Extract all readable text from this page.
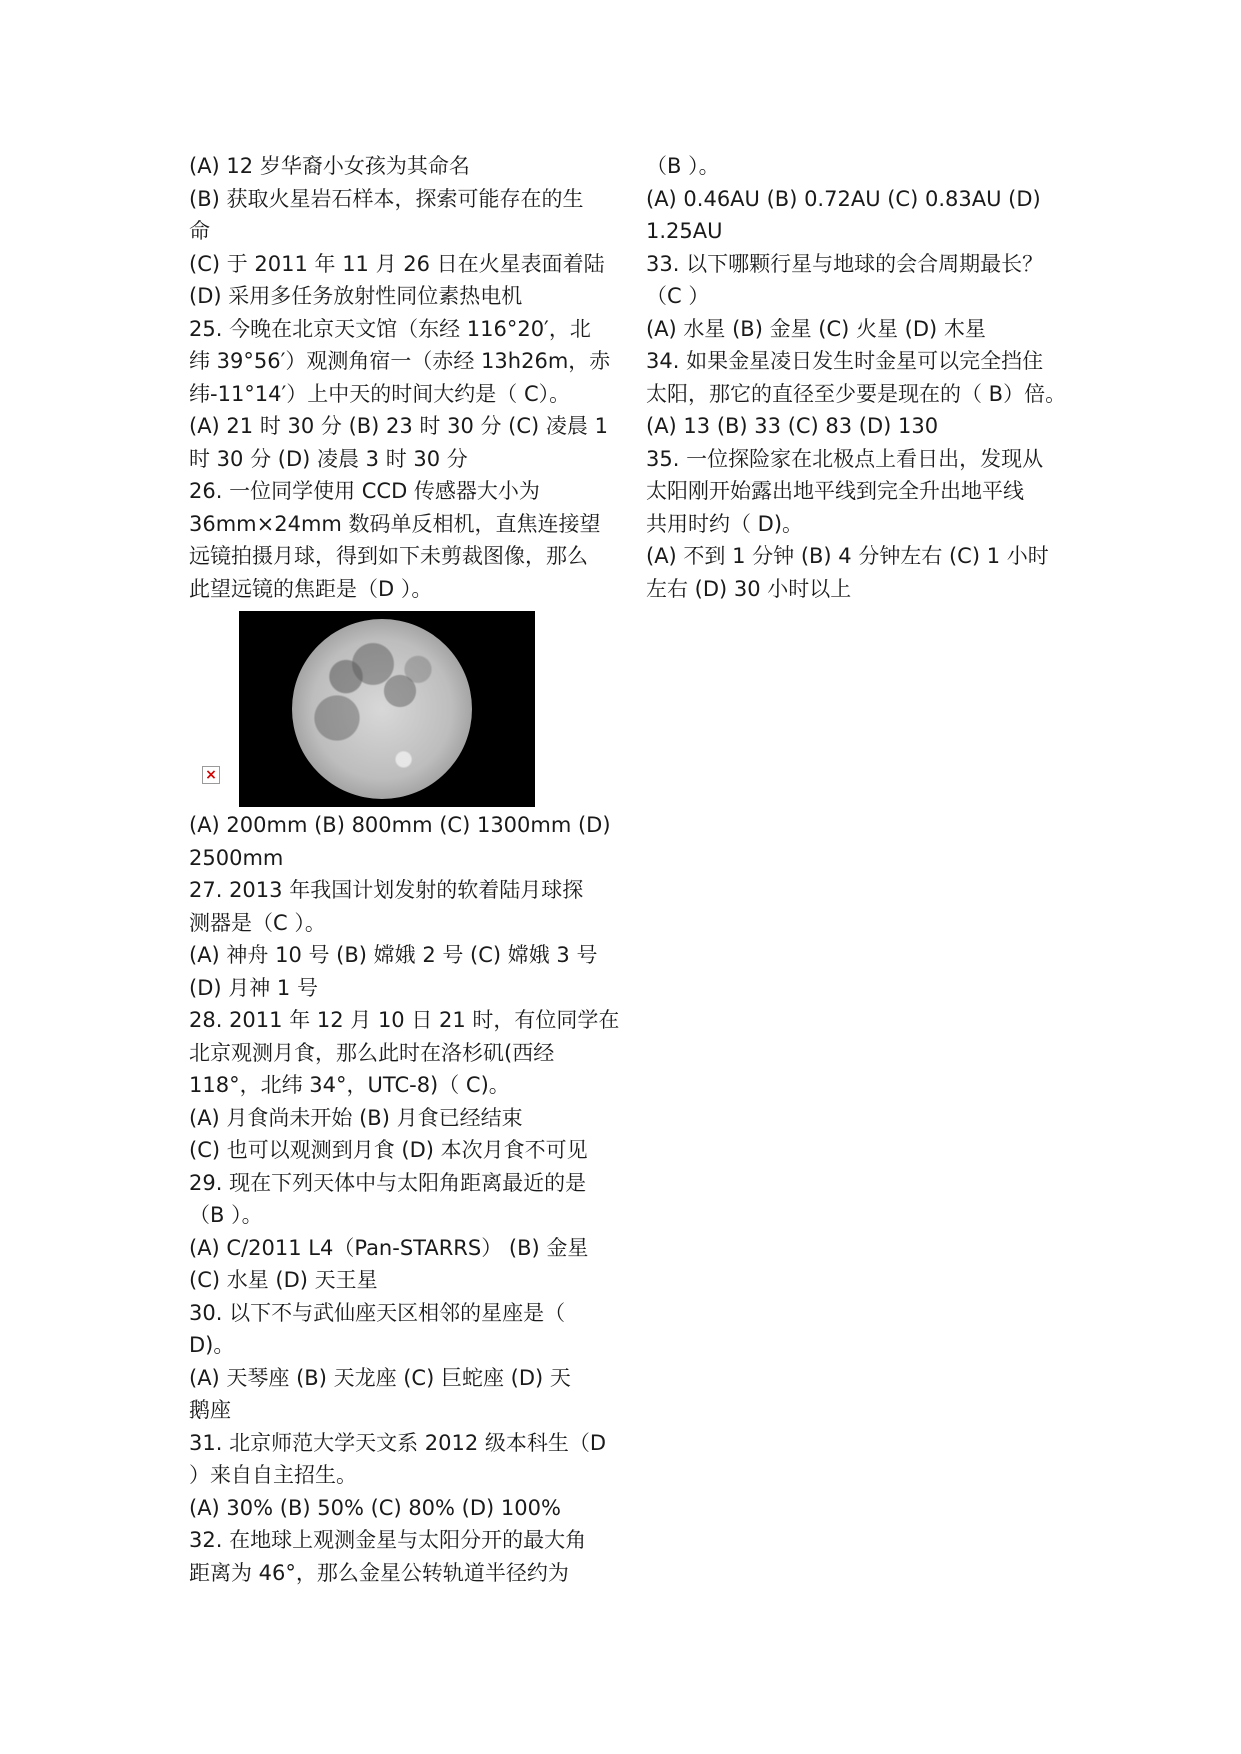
(A) 12 岁华裔小女孩为其命名
(B) 获取火星岩石样本，探索可能存在的生
命
(C) 于 2011 年 11 月 26 日在火星表面着陆
(D) 采用多任务放射性同位素热电机
25. 今晚在北京天文馆（东经 116°20′，北
纬 39°56′）观测角宿一（赤经 13h26m，赤
纬-11°14′）上中天的时间大约是（ C）。
(A) 21 时 30 分 (B) 23 时 30 分 (C) 凌晨 1
时 30 分 (D) 凌晨 3 时 30 分
26. 一位同学使用 CCD 传感器大小为
36mm×24mm 数码单反相机，直焦连接望
远镜拍摄月球，得到如下未剪裁图像，那么
此望远镜的焦距是（D ）。
×
(A) 200mm (B) 800mm (C) 1300mm (D)
2500mm
27. 2013 年我国计划发射的软着陆月球探
测器是（C ）。
(A) 神舟 10 号 (B) 嫦娥 2 号 (C) 嫦娥 3 号
(D) 月神 1 号
28. 2011 年 12 月 10 日 21 时，有位同学在
北京观测月食，那么此时在洛杉矶(西经
118°，北纬 34°，UTC-8)（ C)。
(A) 月食尚未开始 (B) 月食已经结束
(C) 也可以观测到月食 (D) 本次月食不可见
29. 现在下列天体中与太阳角距离最近的是
（B ）。
(A) C/2011 L4（Pan-STARRS） (B) 金星
(C) 水星 (D) 天王星
30. 以下不与武仙座天区相邻的星座是（
D)。
(A) 天琴座 (B) 天龙座 (C) 巨蛇座 (D) 天
鹅座
31. 北京师范大学天文系 2012 级本科生（D
）来自自主招生。
(A) 30% (B) 50% (C) 80% (D) 100%
32. 在地球上观测金星与太阳分开的最大角
距离为 46°，那么金星公转轨道半径约为
（B ）。
(A) 0.46AU (B) 0.72AU (C) 0.83AU (D)
1.25AU
33. 以下哪颗行星与地球的会合周期最长？
（C ）
(A) 水星 (B) 金星 (C) 火星 (D) 木星
34. 如果金星凌日发生时金星可以完全挡住
太阳，那它的直径至少要是现在的（ B）倍。
(A) 13 (B) 33 (C) 83 (D) 130
35. 一位探险家在北极点上看日出，发现从
太阳刚开始露出地平线到完全升出地平线
共用时约（ D)。
(A) 不到 1 分钟 (B) 4 分钟左右 (C) 1 小时
左右 (D) 30 小时以上
